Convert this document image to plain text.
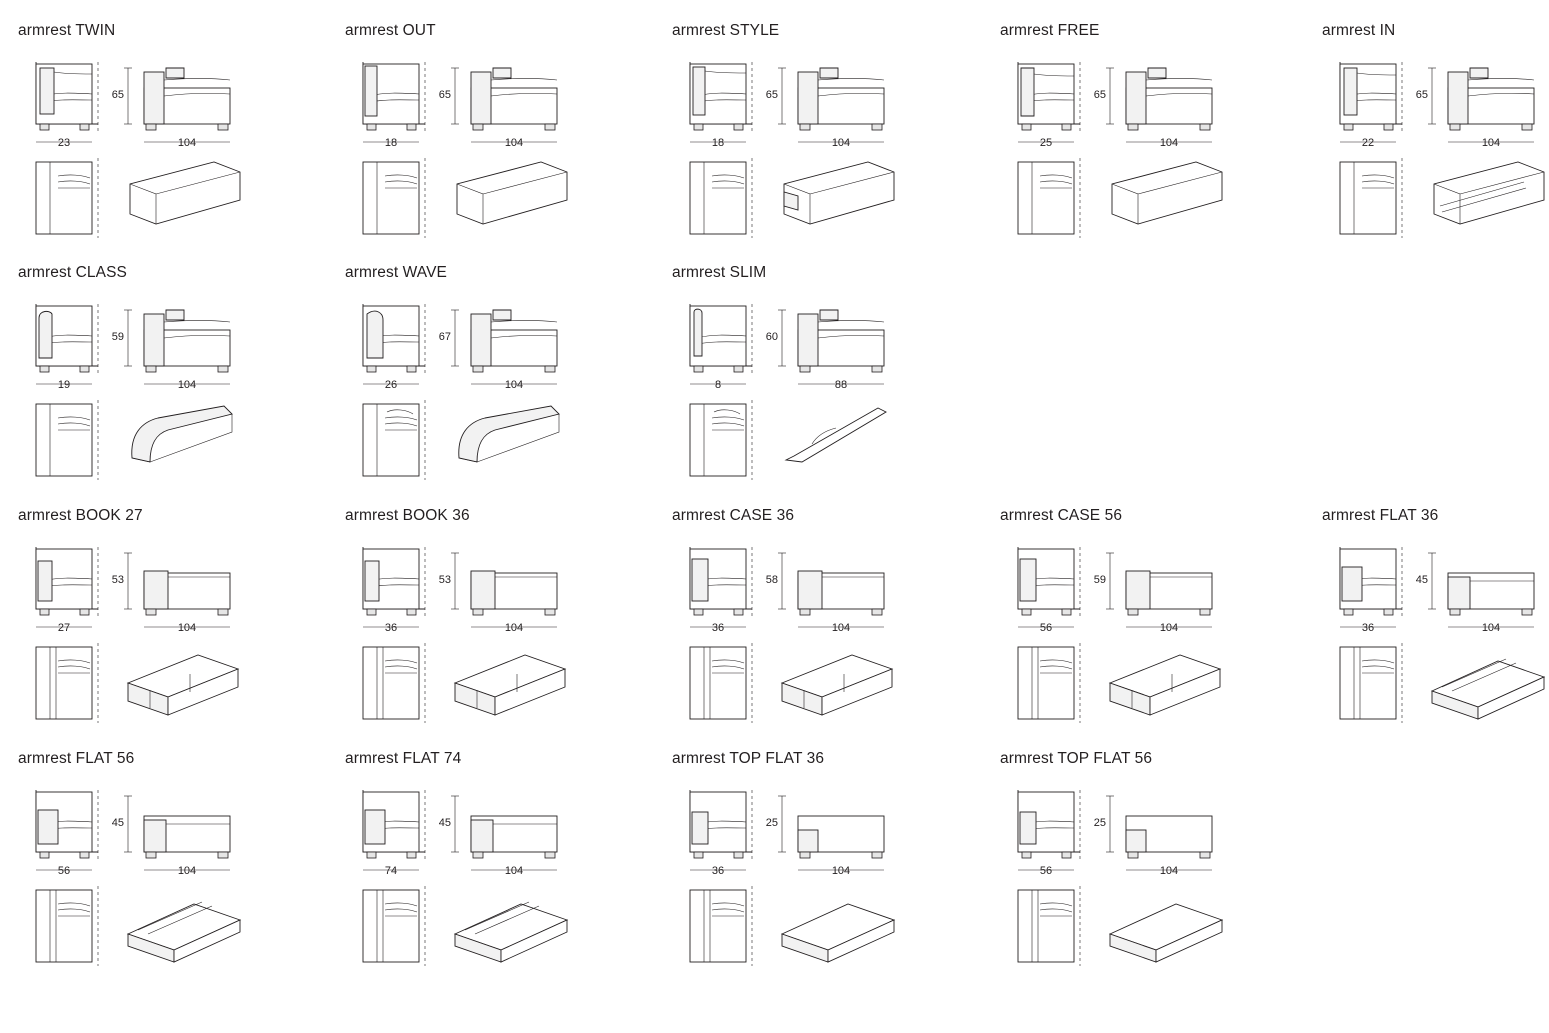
armrest TWIN
23
65
104
armrest OUT
18
65
104
armrest STYLE
18
65
104
armrest FREE
25
65
104
armrest IN
22
65
104
armrest CLASS
19
59
104
armrest WAVE
26
67
104
armrest SLIM
8
60
88
armrest BOOK 27
27
53
104
armrest BOOK 36
36
53
104
armrest CASE 36
36
58
104
armrest CASE 56
56
59
104
armrest FLAT 36
36
45
104
armrest FLAT 56
56
45
104
armrest FLAT 74
74
45
104
armrest TOP FLAT 36
36
25
104
armrest TOP FLAT 56
56
25
104
